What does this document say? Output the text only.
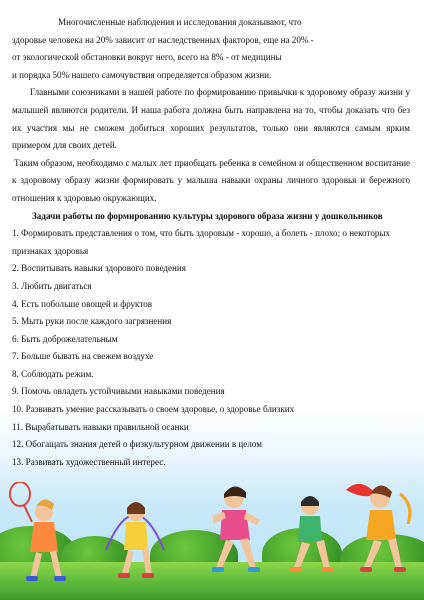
Многочисленные наблюдения и исследования доказывают, что
здоровье человека на 20% зависит от наследственных факторов, еще на 20% -
от экологической обстановки вокруг него, всего на 8% - от медицины
и порядка 50% нашего самочувствия определяется образом жизни.

Главными союзниками в нашей работе по формированию привычки к здоровому образу жизни у малышей являются родители. И наша работа должна быть направлена на то, чтобы доказать что без их участия мы не сможем добиться хороших результатов, только они являются самым ярким примером для своих детей.

Таким образом, необходимо с малых лет приобщать ребенка в семейном и общественном воспитание к здоровому образу жизни формировать у малыша навыки охраны личного здоровья и бережного отношения к здоровью окружающих.

Задачи работы по формированию культуры здорового образа жизни у дошкольников

1. Формировать представления о том, что быть здоровым - хорошо, а болеть - плохо; о некоторых признаках здоровья
2. Воспитывать навыки здорового поведения
3. Любить двигаться
4. Есть побольше овощей и фруктов
5. Мыть руки после каждого загрязнения
6. Быть доброжелательным
7. Больше бывать на свежем воздухе
8. Соблюдать режим.
9. Помочь овладеть устойчивыми навыками поведения
10. Развивать умение рассказывать о своем здоровье, о здоровье близких
11. Вырабатывать навыки правильной осанки
12. Обогащать знания детей о физкультурном движении в целом
13. Развивать художественный интерес.
